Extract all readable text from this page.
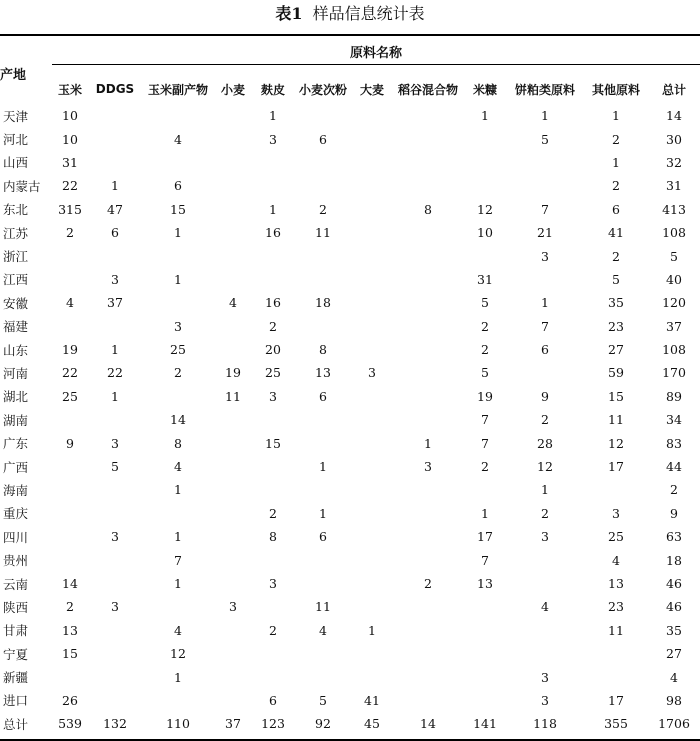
表1 样品信息统计表
原料名称
产地
	玉米	DDGS	玉米副产物	小麦	麸皮	小麦次粉	大麦	稻谷混合物	米糠	饼粕类原料	其他原料	总计
天津	10				1				1	1	1	14
河北	10		4		3	6				5	2	30
山西	31										1	32
内蒙古	22	1	6								2	31
东北	315	47	15		1	2		8	12	7	6	413
江苏	2	6	1		16	11			10	21	41	108
浙江										3	2	5
江西		3	1						31		5	40
安徽	4	37		4	16	18			5	1	35	120
福建			3		2				2	7	23	37
山东	19	1	25		20	8			2	6	27	108
河南	22	22	2	19	25	13	3		5		59	170
湖北	25	1		11	3	6			19	9	15	89
湖南			14						7	2	11	34
广东	9	3	8		15			1	7	28	12	83
广西		5	4			1		3	2	12	17	44
海南			1							1		2
重庆					2	1			1	2	3	9
四川		3	1		8	6			17	3	25	63
贵州			7						7		4	18
云南	14		1		3			2	13		13	46
陕西	2	3		3		11				4	23	46
甘肃	13		4		2	4	1				11	35
宁夏	15		12									27
新疆			1							3		4
进口	26				6	5	41			3	17	98
总计	539	132	110	37	123	92	45	14	141	118	355	1706
